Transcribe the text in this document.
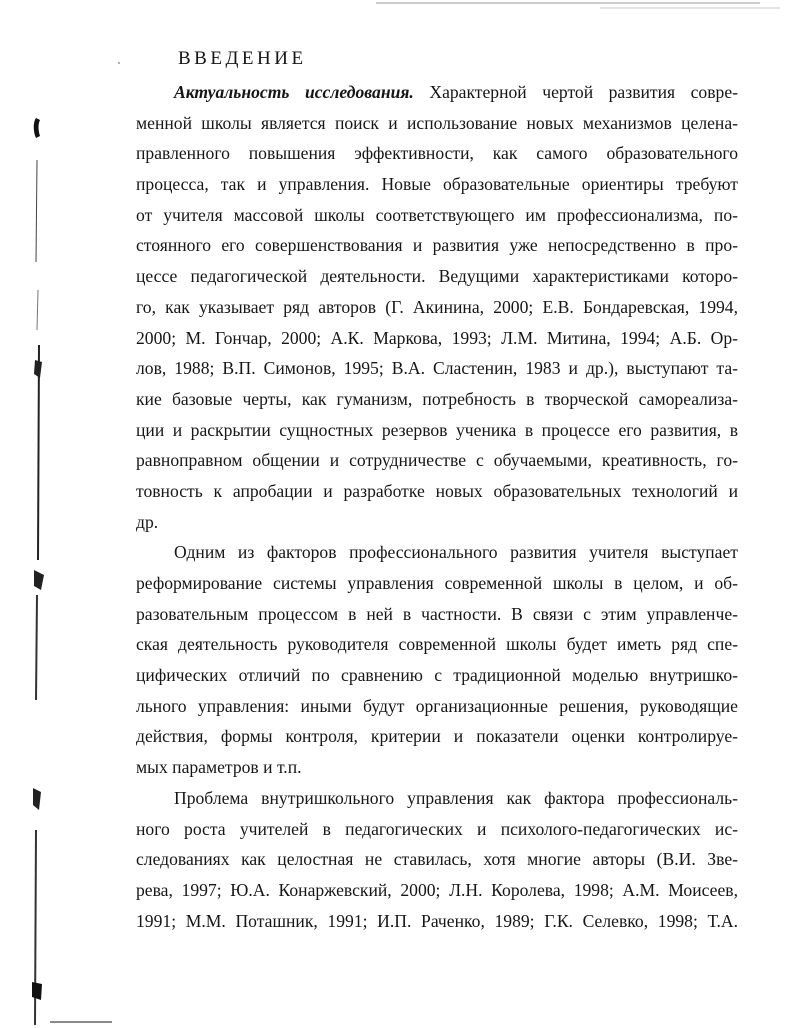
ВВЕДЕНИЕ
Актуальность исследования. Характерной чертой развития совре-
менной школы является поиск и использование новых механизмов целена-
правленного повышения эффективности, как самого образовательного
процесса, так и управления. Новые образовательные ориентиры требуют
от учителя массовой школы соответствующего им профессионализма, по-
стоянного его совершенствования и развития уже непосредственно в про-
цессе педагогической деятельности. Ведущими характеристиками которо-
го, как указывает ряд авторов (Г. Акинина, 2000; Е.В. Бондаревская, 1994,
2000; М. Гончар, 2000; А.К. Маркова, 1993; Л.М. Митина, 1994; А.Б. Ор-
лов, 1988; В.П. Симонов, 1995; В.А. Сластенин, 1983 и др.), выступают та-
кие базовые черты, как гуманизм, потребность в творческой самореализа-
ции и раскрытии сущностных резервов ученика в процессе его развития, в
равноправном общении и сотрудничестве с обучаемыми, креативность, го-
товность к апробации и разработке новых образовательных технологий и
др.
Одним из факторов профессионального развития учителя выступает
реформирование системы управления современной школы в целом, и об-
разовательным процессом в ней в частности. В связи с этим управленче-
ская деятельность руководителя современной школы будет иметь ряд спе-
цифических отличий по сравнению с традиционной моделью внутришко-
льного управления: иными будут организационные решения, руководящие
действия, формы контроля, критерии и показатели оценки контролируе-
мых параметров и т.п.
Проблема внутришкольного управления как фактора профессиональ-
ного роста учителей в педагогических и психолого-педагогических ис-
следованиях как целостная не ставилась, хотя многие авторы (В.И. Зве-
рева, 1997; Ю.А. Конаржевский, 2000; Л.Н. Королева, 1998; А.М. Моисеев,
1991; М.М. Поташник, 1991; И.П. Раченко, 1989; Г.К. Селевко, 1998; Т.А.
